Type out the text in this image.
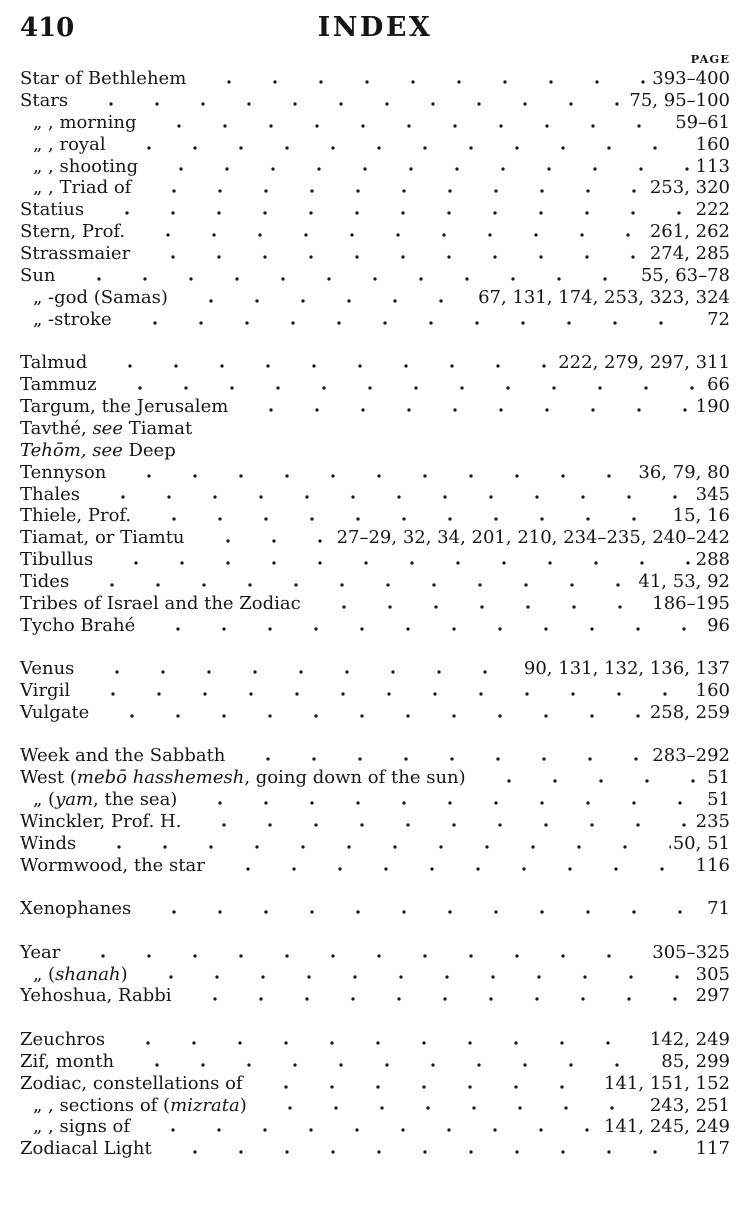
410	INDEX
PAGE
Star of Bethlehem	393–400
Stars	75, 95–100
„ , morning	59–61
„ , royal	160
„ , shooting	113
„ , Triad of	253, 320
Statius	222
Stern, Prof.	261, 262
Strassmaier	274, 285
Sun	55, 63–78
„ -god (Samas)	67, 131, 174, 253, 323, 324
„ -stroke	72
Talmud	222, 279, 297, 311
Tammuz	66
Targum, the Jerusalem	190
Tavthé, see Tiamat
Tehōm, see Deep
Tennyson	36, 79, 80
Thales	345
Thiele, Prof.	15, 16
Tiamat, or Tiamtu	27–29, 32, 34, 201, 210, 234–235, 240–242
Tibullus	288
Tides	41, 53, 92
Tribes of Israel and the Zodiac	186–195
Tycho Brahé	96
Venus	90, 131, 132, 136, 137
Virgil	160
Vulgate	258, 259
Week and the Sabbath	283–292
West (mebō hasshemesh, going down of the sun)	51
„ (yam, the sea)	51
Winckler, Prof. H.	235
Winds	50, 51
Wormwood, the star	116
Xenophanes	71
Year	305–325
„ (shanah)	305
Yehoshua, Rabbi	297
Zeuchros	142, 249
Zif, month	85, 299
Zodiac, constellations of	141, 151, 152
„ , sections of (mizrata)	243, 251
„ , signs of	141, 245, 249
Zodiacal Light	117
